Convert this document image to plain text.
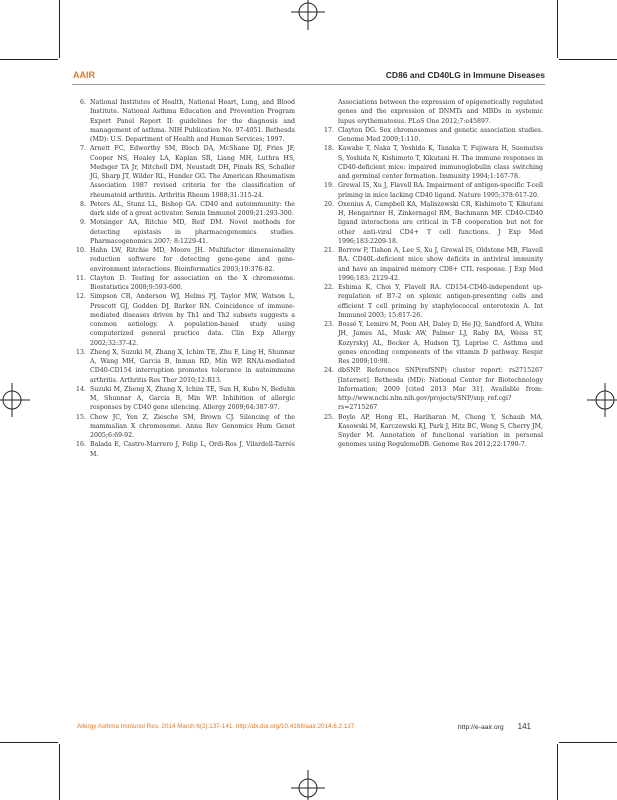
AAIR	CD86 and CD40LG in Immune Diseases
6. National Institutes of Health, National Heart, Lung, and Blood Institute. National Asthma Education and Prevention Program Expert Panel Report II: guidelines for the diagnosis and management of asthma. NIH Publication No. 97-4051. Bethesda (MD): U.S. Department of Health and Human Services; 1997.
7. Arnett FC, Edworthy SM, Bloch DA, McShane DJ, Fries JF, Cooper NS, Healey LA, Kaplan SR, Liang MH, Luthra HS, Medsger TA Jr, Mitchell DM, Neustadt DH, Pinals RS, Schaller JG, Sharp JT, Wilder RL, Hunder GG. The American Rheumatism Association 1987 revised criteria for the classification of rheumatoid arthritis. Arthritis Rheum 1988;31:315-24.
8. Peters AL, Stunz LL, Bishop GA. CD40 and autoimmunity: the dark side of a great activator. Semin Immunol 2009;21:293-300.
9. Motsinger AA, Ritchie MD, Reif DM. Novel methods for detecting epistasis in pharmacogenomics studies. Pharmacogenomics 2007; 8:1229-41.
10. Hahn LW, Ritchie MD, Moore JH. Multifactor dimensionality reduction software for detecting gene-gene and gene-environment interactions. Bioinformatics 2003;19:376-82.
11. Clayton D. Testing for association on the X chromosome. Biostatistics 2008;9:593-600.
12. Simpson CR, Anderson WJ, Helms PJ, Taylor MW, Watson L, Prescott GJ, Godden DJ, Barker RN. Coincidence of immune-mediated diseases driven by Th1 and Th2 subsets suggests a common aetiology. A population-based study using computerized general practice data. Clin Exp Allergy 2002;32:37-42.
13. Zheng X, Suzuki M, Zhang X, Ichim TE, Zhu F, Ling H, Shunnar A, Wang MH, Garcia B, Inman RD, Min WP. RNAi-mediated CD40-CD154 interruption promotes tolerance in autoimmune arthritis. Arthritis Res Ther 2010;12:R13.
14. Suzuki M, Zheng X, Zhang X, Ichim TE, Sun H, Kubo N, Beduhn M, Shunnar A, Garcia B, Min WP. Inhibition of allergic responses by CD40 gene silencing. Allergy 2009;64:387-97.
15. Chow JC, Yen Z, Ziesche SM, Brown CJ. Silencing of the mammalian X chromosome. Annu Rev Genomics Hum Genet 2005;6:69-92.
16. Balada E, Castro-Marrero J, Felip L, Ordi-Ros J, Vilardell-Tarrés M.
Associations between the expression of epigenetically regulated genes and the expression of DNMTs and MBDs in systemic lupus erythematosus. PLoS One 2012;7:e45897.
17. Clayton DG. Sex chromosomes and genetic association studies. Genome Med 2009;1:110.
18. Kawabe T, Naka T, Yoshida K, Tanaka T, Fujiwara H, Suematsu S, Yoshida N, Kishimoto T, Kikutani H. The immune responses in CD40-deficient mice: impaired immunoglobulin class switching and germinal center formation. Immunity 1994;1:167-78.
19. Grewal IS, Xu J, Flavell RA. Impairment of antigen-specific T-cell priming in mice lacking CD40 ligand. Nature 1995;378:617-20.
20. Oxenius A, Campbell KA, Maliszewski CR, Kishimoto T, Kikutani H, Hengartner H, Zinkernagel RM, Bachmann MF. CD40-CD40 ligand interactions are critical in T-B cooperation but not for other anti-viral CD4+ T cell functions. J Exp Med 1996;183:2209-18.
21. Borrow P, Tishon A, Lee S, Xu J, Grewal IS, Oldstone MB, Flavell RA. CD40L-deficient mice show deficits in antiviral immunity and have an impaired memory CD8+ CTL response. J Exp Med 1996;183: 2129-42.
22. Eshima K, Choi Y, Flavell RA. CD154-CD40-independent up-regulation of B7-2 on splenic antigen-presenting cells and efficient T cell priming by staphylococcal enterotoxin A. Int Immunol 2003; 15:817-26.
23. Bossé Y, Lemire M, Poon AH, Daley D, He JQ, Sandford A, White JH, James AL, Musk AW, Palmer LJ, Raby BA, Weiss ST, Kozyrskyj AL, Becker A, Hudson TJ, Laprise C. Asthma and genes encoding components of the vitamin D pathway. Respir Res 2009;10:98.
24. dbSNP. Reference SNP(refSNP) cluster report: rs2715267 [Internet]. Bethesda (MD): National Center for Biotechnology Information; 2009 [cited 2013 Mar 31]. Available from: http://www.ncbi.nlm.nih.gov/projects/SNP/snp_ref.cgi?rs=2715267
25. Boyle AP, Hong EL, Hariharan M, Cheng Y, Schaub MA, Kasowski M, Karczewski KJ, Park J, Hitz BC, Weng S, Cherry JM, Snyder M. Annotation of functional variation in personal genomes using RegulomeDB. Genome Res 2012;22:1790-7.
Allergy Asthma Immunol Res. 2014 March;6(2):137-141. http://dx.doi.org/10.4168/aair.2014.6.2.137	http://e-aair.org 141
